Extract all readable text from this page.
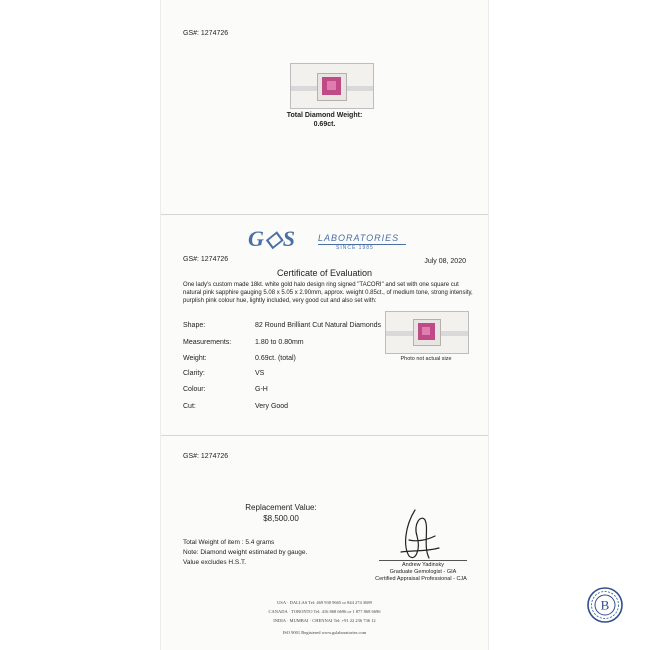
GS#: 1274726
Total Diamond Weight:
0.69ct.
G◇S LABORATORIES
SINCE 1985
GS#: 1274726	July 08, 2020
Certificate of Evaluation
One lady's custom made 18kt. white gold halo design ring signed "TACORI" and set with one square cut natural pink sapphire gauging 5.08 x 5.05 x 2.90mm, approx. weight 0.85ct., of medium tone, strong intensity, purplish pink colour hue, lightly included, very good cut and also set with:
Shape:	82 Round Brilliant Cut Natural Diamonds
Measurements:	1.80 to 0.80mm
Weight:	0.69ct. (total)
Clarity:	VS
Colour:	G-H
Cut:	Very Good
Photo not actual size
GS#: 1274726
Replacement Value:
$8,500.00
Total Weight of item : 5.4 grams
Note: Diamond weight estimated by gauge.
Value excludes H.S.T.	Andrew Yadinsky
Graduate Gemologist - GIA
Certified Appraisal Professional - CJA
USA · DALLAS Tel: 469 930 9665 or 844 274 3689
CANADA · TORONTO Tel: 416 868 6696 or 1 877 868 6696
INDIA · MUMBAI · CHENNAI Tel: +91 22 236 736 12
ISO 9001 Registered www.gslaboratories.com
B
